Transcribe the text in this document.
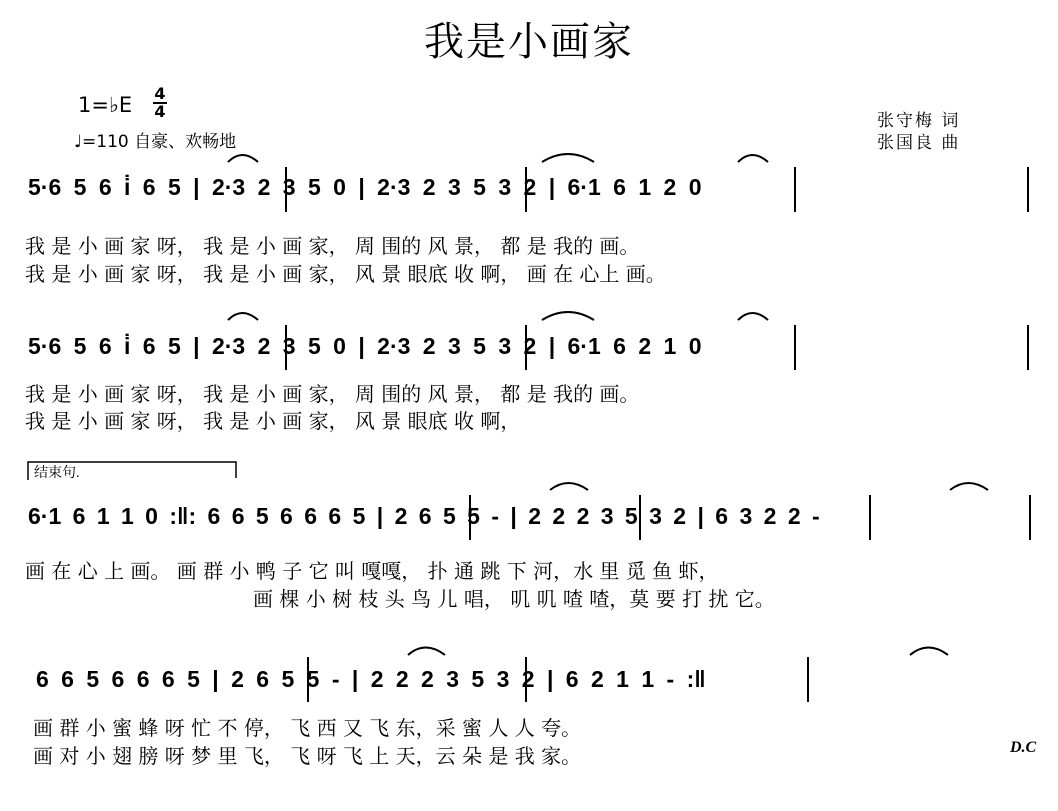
我是小画家
1=♭E 4
4
♩=110 自豪、欢畅地
张守梅 词
张国良 曲
5·6 5 6 i̇ 6 5 | 2·3 2 3 5 0 | 2·3 2 3 5 3 2 | 6·1 6 1 2 0
我 是 小 画 家 呀， 我 是 小 画 家， 周 围的 风 景， 都 是 我的 画。
我 是 小 画 家 呀， 我 是 小 画 家， 风 景 眼底 收 啊， 画 在 心上 画。
5·6 5 6 i̇ 6 5 | 2·3 2 3 5 0 | 2·3 2 3 5 3 2 | 6·1 6 2 1 0
我 是 小 画 家 呀， 我 是 小 画 家， 周 围的 风 景， 都 是 我的 画。
我 是 小 画 家 呀， 我 是 小 画 家， 风 景 眼底 收 啊，
结束句.
6·1 6 1 1 0 :‖: 6 6 5 6 6 6 5 | 2 6 5 5 - | 2 2 2 3 5 3 2 | 6 3 2 2 -
画 在 心 上 画。 画 群 小 鸭 子 它 叫 嘎嘎， 扑 通 跳 下 河，水 里 觅 鱼 虾，
画 棵 小 树 枝 头 鸟 儿 唱， 叽 叽 喳 喳，莫 要 打 扰 它。
6 6 5 6 6 6 5 | 2 6 5 5 - | 2 2 2 3 5 3 2 | 6 2 1 1 - :‖
画 群 小 蜜 蜂 呀 忙 不 停， 飞 西 又 飞 东，采 蜜 人 人 夸。
画 对 小 翅 膀 呀 梦 里 飞， 飞 呀 飞 上 天，云 朵 是 我 家。	D.C
